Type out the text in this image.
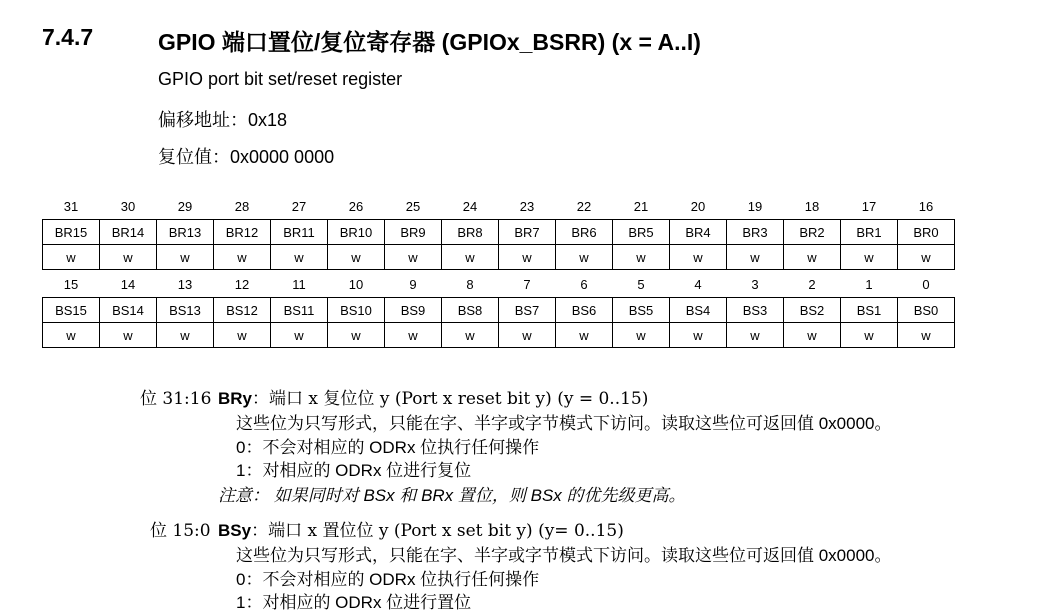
7.4.7	GPIO 端口置位/复位寄存器 (GPIOx_BSRR) (x = A..I)
GPIO port bit set/reset register
偏移地址：0x18
复位值：0x0000 0000
31	30	29	28	27	26	25	24	23	22	21	20	19	18	17	16
BR15	BR14	BR13	BR12	BR11	BR10	BR9	BR8	BR7	BR6	BR5	BR4	BR3	BR2	BR1	BR0
w	w	w	w	w	w	w	w	w	w	w	w	w	w	w	w
15	14	13	12	11	10	9	8	7	6	5	4	3	2	1	0
BS15	BS14	BS13	BS12	BS11	BS10	BS9	BS8	BS7	BS6	BS5	BS4	BS3	BS2	BS1	BS0
w	w	w	w	w	w	w	w	w	w	w	w	w	w	w	w
位 31:16 BRy：端口 x 复位位 y (Port x reset bit y) (y = 0..15)
这些位为只写形式，只能在字、半字或字节模式下访问。读取这些位可返回值 0x0000。
0：不会对相应的 ODRx 位执行任何操作
1：对相应的 ODRx 位进行复位
注意： 如果同时对 BSx 和 BRx 置位，则 BSx 的优先级更高。
位 15:0 BSy：端口 x 置位位 y (Port x set bit y) (y= 0..15)
这些位为只写形式，只能在字、半字或字节模式下访问。读取这些位可返回值 0x0000。
0：不会对相应的 ODRx 位执行任何操作
1：对相应的 ODRx 位进行置位
